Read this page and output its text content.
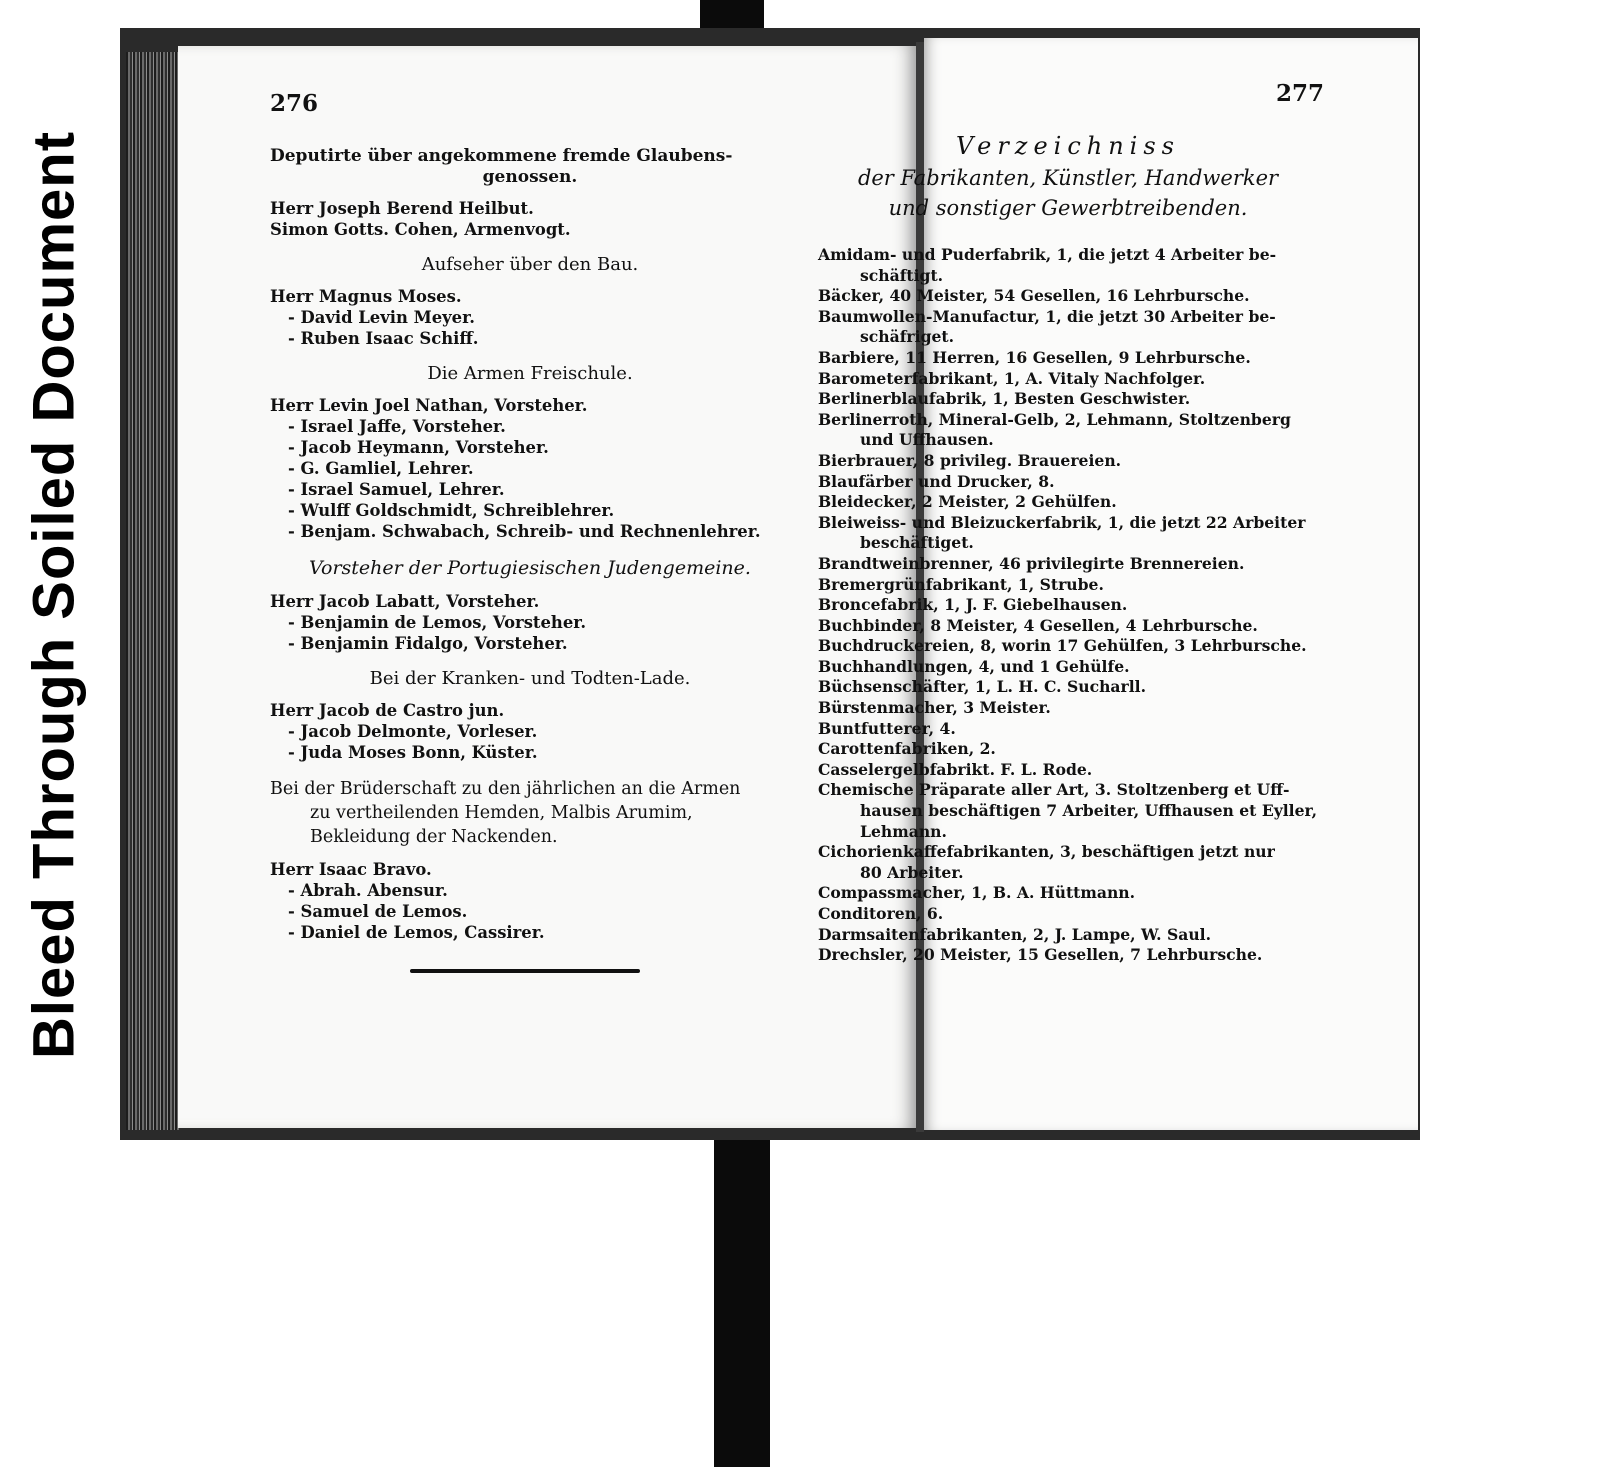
Bleed Through Soiled Document
276	277
Deputirte über angekommene fremde Glaubens-
genossen.
Herr Joseph Berend Heilbut.
Simon Gotts. Cohen, Armenvogt.
Aufseher über den Bau.
Herr Magnus Moses.
- David Levin Meyer.
- Ruben Isaac Schiff.
Die Armen Freischule.
Herr Levin Joel Nathan, Vorsteher.
- Israel Jaffe, Vorsteher.
- Jacob Heymann, Vorsteher.
- G. Gamliel, Lehrer.
- Israel Samuel, Lehrer.
- Wulff Goldschmidt, Schreiblehrer.
- Benjam. Schwabach, Schreib- und Rechnenlehrer.
Vorsteher der Portugiesischen Judengemeine.
Herr Jacob Labatt, Vorsteher.
- Benjamin de Lemos, Vorsteher.
- Benjamin Fidalgo, Vorsteher.
Bei der Kranken- und Todten-Lade.
Herr Jacob de Castro jun.
- Jacob Delmonte, Vorleser.
- Juda Moses Bonn, Küster.
Bei der Brüderschaft zu den jährlichen an die Armen
zu vertheilenden Hemden, Malbis Arumim,
Bekleidung der Nackenden.
Herr Isaac Bravo.
- Abrah. Abensur.
- Samuel de Lemos.
- Daniel de Lemos, Cassirer.
Verzeichniss
der Fabrikanten, Künstler, Handwerker
und sonstiger Gewerbtreibenden.
Amidam- und Puderfabrik, 1, die jetzt 4 Arbeiter be-
schäftigt.
Bäcker, 40 Meister, 54 Gesellen, 16 Lehrbursche.
Baumwollen-Manufactur, 1, die jetzt 30 Arbeiter be-
schäfriget.
Barbiere, 11 Herren, 16 Gesellen, 9 Lehrbursche.
Barometerfabrikant, 1, A. Vitaly Nachfolger.
Berlinerblaufabrik, 1, Besten Geschwister.
Berlinerroth, Mineral-Gelb, 2, Lehmann, Stoltzenberg
und Uffhausen.
Bierbrauer, 8 privileg. Brauereien.
Blaufärber und Drucker, 8.
Bleidecker, 2 Meister, 2 Gehülfen.
Bleiweiss- und Bleizuckerfabrik, 1, die jetzt 22 Arbeiter
beschäftiget.
Brandtweinbrenner, 46 privilegirte Brennereien.
Bremergrünfabrikant, 1, Strube.
Broncefabrik, 1, J. F. Giebelhausen.
Buchbinder, 8 Meister, 4 Gesellen, 4 Lehrbursche.
Buchdruckereien, 8, worin 17 Gehülfen, 3 Lehrbursche.
Buchhandlungen, 4, und 1 Gehülfe.
Büchsenschäfter, 1, L. H. C. Sucharll.
Bürstenmacher, 3 Meister.
Buntfutterer, 4.
Carottenfabriken, 2.
Casselergelbfabrikt. F. L. Rode.
Chemische Präparate aller Art, 3. Stoltzenberg et Uff-
hausen beschäftigen 7 Arbeiter, Uffhausen et Eyller,
Lehmann.
Cichorienkaffefabrikanten, 3, beschäftigen jetzt nur
80 Arbeiter.
Compassmacher, 1, B. A. Hüttmann.
Conditoren, 6.
Darmsaitenfabrikanten, 2, J. Lampe, W. Saul.
Drechsler, 20 Meister, 15 Gesellen, 7 Lehrbursche.
